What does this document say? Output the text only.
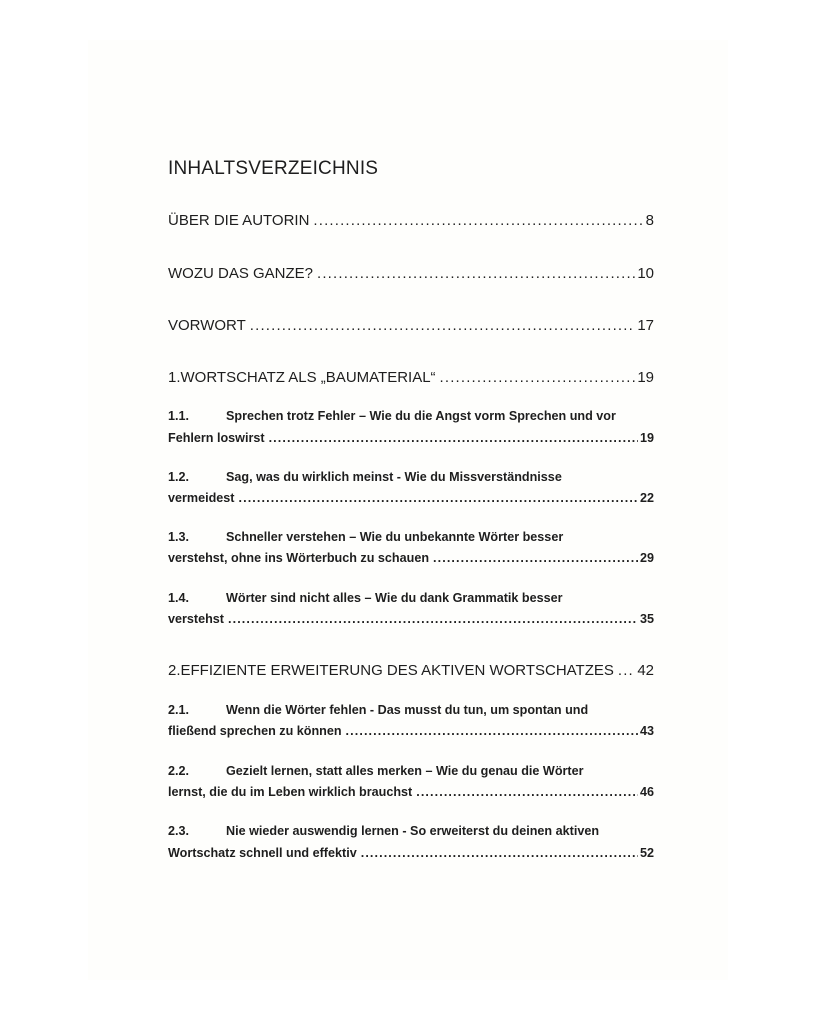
INHALTSVERZEICHNIS
ÜBER DIE AUTORIN . . .	8
WOZU DAS GANZE? . . .	10
VORWORT . . .	17
1. WORTSCHATZ ALS „BAUMATERIAL“ . . .	19
1.1.	Sprechen trotz Fehler – Wie du die Angst vorm Sprechen und vor
Fehlern loswirst . . .	19
1.2.	Sag, was du wirklich meinst - Wie du Missverständnisse
vermeidest . . .	22
1.3.	Schneller verstehen – Wie du unbekannte Wörter besser
verstehst, ohne ins Wörterbuch zu schauen . . .	29
1.4.	Wörter sind nicht alles – Wie du dank Grammatik besser
verstehst . . .	35
2. EFFIZIENTE ERWEITERUNG DES AKTIVEN WORTSCHATZES . . . 42
2.1.	Wenn die Wörter fehlen - Das musst du tun, um spontan und
fließend sprechen zu können . . .	43
2.2.	Gezielt lernen, statt alles merken – Wie du genau die Wörter
lernst, die du im Leben wirklich brauchst . . .	46
2.3.	Nie wieder auswendig lernen - So erweiterst du deinen aktiven
Wortschatz schnell und effektiv . . .	52
